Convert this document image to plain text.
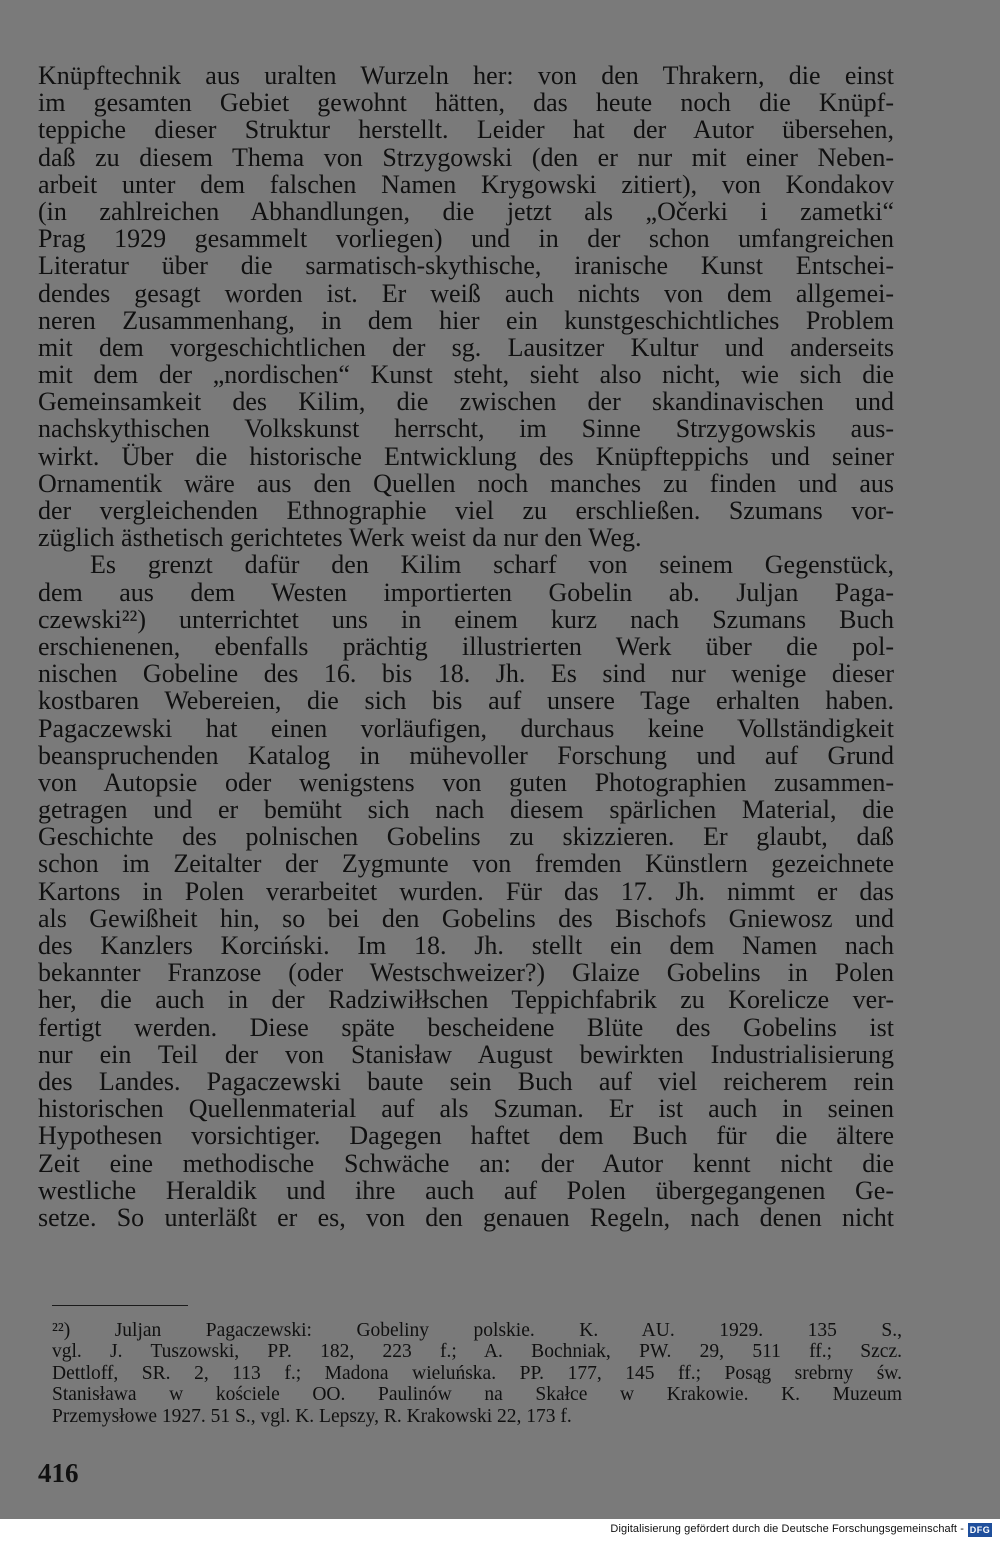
Knüpftechnik aus uralten Wurzeln her: von den Thrakern, die einst
im gesamten Gebiet gewohnt hätten, das heute noch die Knüpf-
teppiche dieser Struktur herstellt. Leider hat der Autor übersehen,
daß zu diesem Thema von Strzygowski (den er nur mit einer Neben-
arbeit unter dem falschen Namen Krygowski zitiert), von Kondakov
(in zahlreichen Abhandlungen, die jetzt als „Očerki i zametki“
Prag 1929 gesammelt vorliegen) und in der schon umfangreichen
Literatur über die sarmatisch-skythische, iranische Kunst Entschei-
dendes gesagt worden ist. Er weiß auch nichts von dem allgemei-
neren Zusammenhang, in dem hier ein kunstgeschichtliches Problem
mit dem vorgeschichtlichen der sg. Lausitzer Kultur und anderseits
mit dem der „nordischen“ Kunst steht, sieht also nicht, wie sich die
Gemeinsamkeit des Kilim, die zwischen der skandinavischen und
nachskythischen Volkskunst herrscht, im Sinne Strzygowskis aus-
wirkt. Über die historische Entwicklung des Knüpfteppichs und seiner
Ornamentik wäre aus den Quellen noch manches zu finden und aus
der vergleichenden Ethnographie viel zu erschließen. Szumans vor-
züglich ästhetisch gerichtetes Werk weist da nur den Weg.
Es grenzt dafür den Kilim scharf von seinem Gegenstück,
dem aus dem Westen importierten Gobelin ab. Juljan Paga-
czewski²²) unterrichtet uns in einem kurz nach Szumans Buch
erschienenen, ebenfalls prächtig illustrierten Werk über die pol-
nischen Gobeline des 16. bis 18. Jh. Es sind nur wenige dieser
kostbaren Webereien, die sich bis auf unsere Tage erhalten haben.
Pagaczewski hat einen vorläufigen, durchaus keine Vollständigkeit
beanspruchenden Katalog in mühevoller Forschung und auf Grund
von Autopsie oder wenigstens von guten Photographien zusammen-
getragen und er bemüht sich nach diesem spärlichen Material, die
Geschichte des polnischen Gobelins zu skizzieren. Er glaubt, daß
schon im Zeitalter der Zygmunte von fremden Künstlern gezeichnete
Kartons in Polen verarbeitet wurden. Für das 17. Jh. nimmt er das
als Gewißheit hin, so bei den Gobelins des Bischofs Gniewosz und
des Kanzlers Korciński. Im 18. Jh. stellt ein dem Namen nach
bekannter Franzose (oder Westschweizer?) Glaize Gobelins in Polen
her, die auch in der Radziwiłłschen Teppichfabrik zu Korelicze ver-
fertigt werden. Diese späte bescheidene Blüte des Gobelins ist
nur ein Teil der von Stanisław August bewirkten Industrialisierung
des Landes. Pagaczewski baute sein Buch auf viel reicherem rein
historischen Quellenmaterial auf als Szuman. Er ist auch in seinen
Hypothesen vorsichtiger. Dagegen haftet dem Buch für die ältere
Zeit eine methodische Schwäche an: der Autor kennt nicht die
westliche Heraldik und ihre auch auf Polen übergegangenen Ge-
setze. So unterläßt er es, von den genauen Regeln, nach denen nicht
²²) Juljan Pagaczewski: Gobeliny polskie. K. AU. 1929. 135 S.,
vgl. J. Tuszowski, PP. 182, 223 f.; A. Bochniak, PW. 29, 511 ff.; Szcz.
Dettloff, SR. 2, 113 f.; Madona wieluńska. PP. 177, 145 ff.; Posąg srebrny św.
Stanisława w kościele OO. Paulinów na Skałce w Krakowie. K. Muzeum
Przemysłowe 1927. 51 S., vgl. K. Lepszy, R. Krakowski 22, 173 f.
416
Digitalisierung gefördert durch die Deutsche Forschungsgemeinschaft - DFG
